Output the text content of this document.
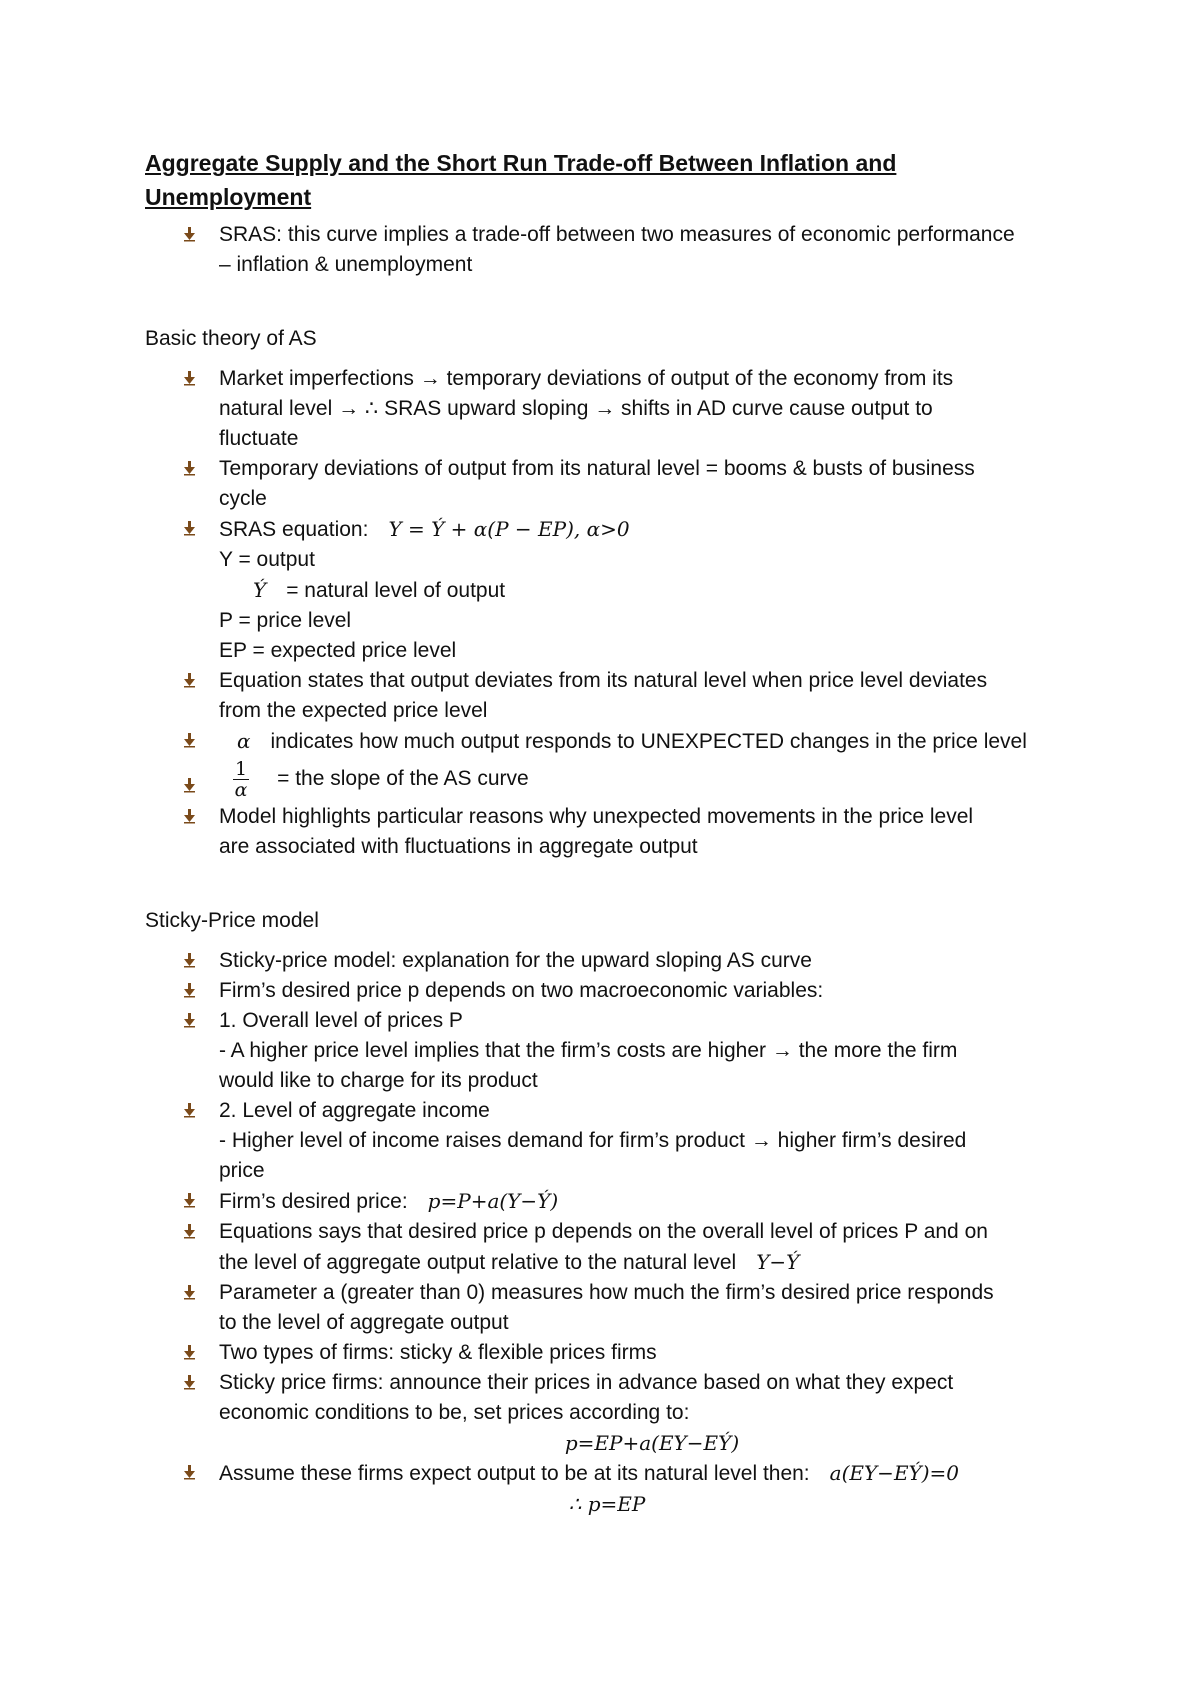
Aggregate Supply and the Short Run Trade-off Between Inflation and
Unemployment
SRAS: this curve implies a trade-off between two measures of economic performance
– inflation & unemployment
Basic theory of AS
Market imperfections → temporary deviations of output of the economy from its
natural level → ∴ SRAS upward sloping → shifts in AD curve cause output to
fluctuate
Temporary deviations of output from its natural level = booms & busts of business
cycle
SRAS equation: Y = Ý + α(P − EP), α>0
Y = output
Ý = natural level of output
P = price level
EP = expected price level
Equation states that output deviates from its natural level when price level deviates
from the expected price level
α indicates how much output responds to UNEXPECTED changes in the price level
$\frac{1}{\alpha}$ = the slope of the AS curve
Model highlights particular reasons why unexpected movements in the price level
are associated with fluctuations in aggregate output
Sticky-Price model
Sticky-price model: explanation for the upward sloping AS curve
Firm’s desired price p depends on two macroeconomic variables:
1. Overall level of prices P
- A higher price level implies that the firm’s costs are higher → the more the firm
would like to charge for its product
2. Level of aggregate income
- Higher level of income raises demand for firm’s product → higher firm’s desired
price
Firm’s desired price: p=P+a(Y−Ý)
Equations says that desired price p depends on the overall level of prices P and on
the level of aggregate output relative to the natural level Y−Ý
Parameter a (greater than 0) measures how much the firm’s desired price responds
to the level of aggregate output
Two types of firms: sticky & flexible prices firms
Sticky price firms: announce their prices in advance based on what they expect
economic conditions to be, set prices according to:
p=EP+a(EY−EÝ)
Assume these firms expect output to be at its natural level then: a(EY−EÝ)=0
∴ p=EP
